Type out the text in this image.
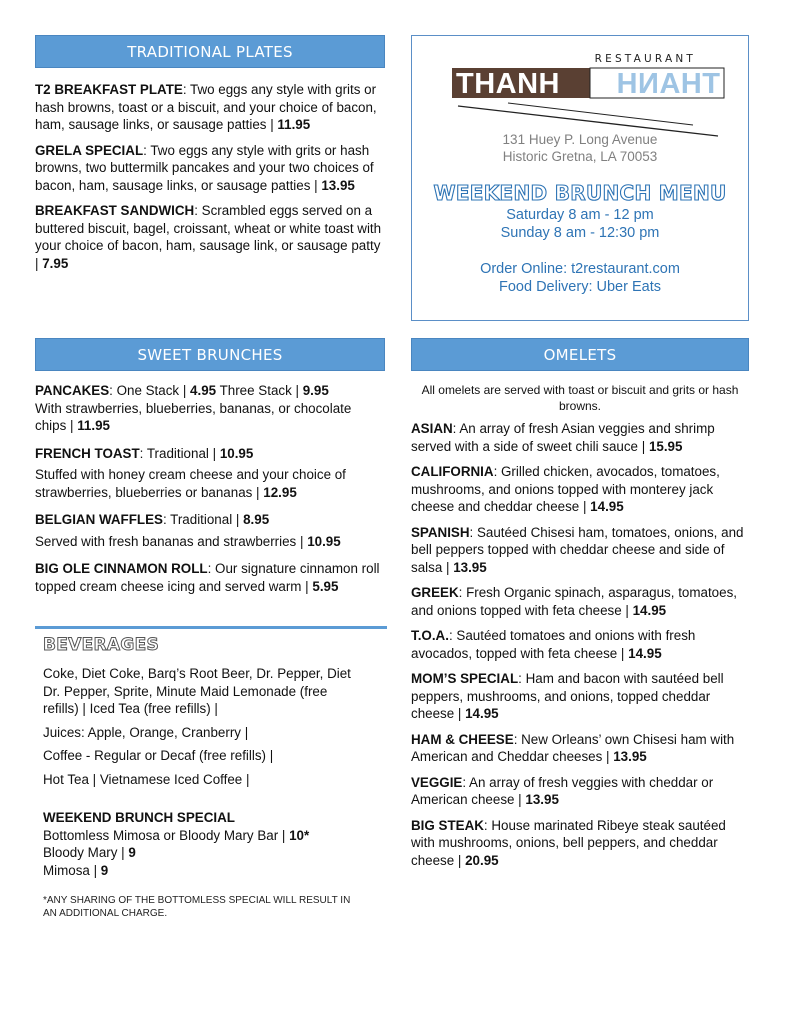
TRADITIONAL PLATES
T2 BREAKFAST PLATE: Two eggs any style with grits or hash browns, toast or a biscuit, and your choice of bacon, ham, sausage links, or sausage patties | 11.95
GRELA SPECIAL: Two eggs any style with grits or hash browns, two buttermilk pancakes and your two choices of bacon, ham, sausage links, or sausage patties | 13.95
BREAKFAST SANDWICH: Scrambled eggs served on a buttered biscuit, bagel, croissant, wheat or white toast with your choice of bacon, ham, sausage link, or sausage patty | 7.95
RESTAURANT
THANH THANH
131 Huey P. Long Avenue
Historic Gretna, LA 70053
WEEKEND BRUNCH MENU
Saturday 8 am - 12 pm
Sunday 8 am - 12:30 pm
Order Online: t2restaurant.com
Food Delivery: Uber Eats
SWEET BRUNCHES
PANCAKES: One Stack | 4.95 Three Stack | 9.95
With strawberries, blueberries, bananas, or chocolate chips | 11.95
FRENCH TOAST: Traditional | 10.95
Stuffed with honey cream cheese and your choice of strawberries, blueberries or bananas | 12.95
BELGIAN WAFFLES: Traditional | 8.95
Served with fresh bananas and strawberries | 10.95
BIG OLE CINNAMON ROLL: Our signature cinnamon roll topped cream cheese icing and served warm | 5.95
BEVERAGES
Coke, Diet Coke, Barq’s Root Beer, Dr. Pepper, Diet Dr. Pepper, Sprite, Minute Maid Lemonade (free refills) | Iced Tea (free refills) |
Juices: Apple, Orange, Cranberry |
Coffee - Regular or Decaf (free refills) |
Hot Tea | Vietnamese Iced Coffee |
WEEKEND BRUNCH SPECIAL
Bottomless Mimosa or Bloody Mary Bar | 10*
Bloody Mary | 9
Mimosa | 9
*ANY SHARING OF THE BOTTOMLESS SPECIAL WILL RESULT IN AN ADDITIONAL CHARGE.
OMELETS
All omelets are served with toast or biscuit and grits or hash browns.
ASIAN: An array of fresh Asian veggies and shrimp served with a side of sweet chili sauce | 15.95
CALIFORNIA: Grilled chicken, avocados, tomatoes, mushrooms, and onions topped with monterey jack cheese and cheddar cheese | 14.95
SPANISH: Sautéed Chisesi ham, tomatoes, onions, and bell peppers topped with cheddar cheese and side of salsa | 13.95
GREEK: Fresh Organic spinach, asparagus, tomatoes, and onions topped with feta cheese | 14.95
T.O.A.: Sautéed tomatoes and onions with fresh avocados, topped with feta cheese | 14.95
MOM’S SPECIAL: Ham and bacon with sautéed bell peppers, mushrooms, and onions, topped cheddar cheese | 14.95
HAM & CHEESE: New Orleans’ own Chisesi ham with American and Cheddar cheeses | 13.95
VEGGIE: An array of fresh veggies with cheddar or American cheese | 13.95
BIG STEAK: House marinated Ribeye steak sautéed with mushrooms, onions, bell peppers, and cheddar cheese | 20.95
